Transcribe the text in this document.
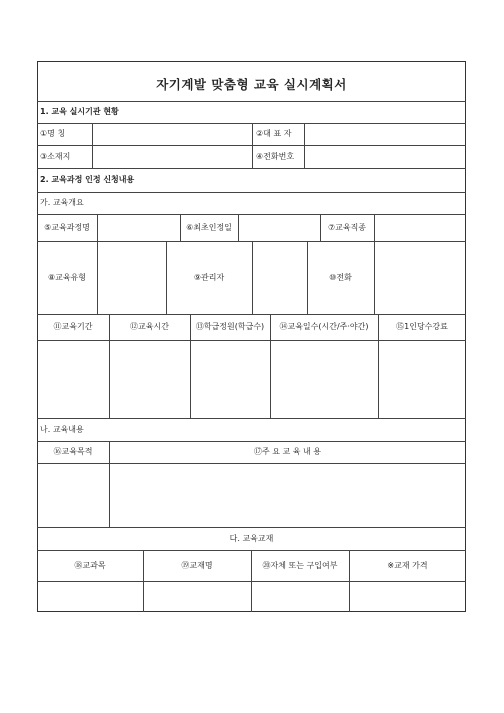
자기계발 맞춤형 교육 실시계획서
1. 교육 실시기관 현황
①명 칭	②대 표 자
③소재지	④전화번호
2. 교육과정 인정 신청내용
가. 교육개요
⑤교육과정명	⑥최초인정일	⑦교육직종
⑧교육유형	⑨관리자	⑩전화
⑪교육기간	⑫교육시간	⑬학급정원(학급수)	⑭교육일수(시간/주·야간)	⑮1인당수강료
나. 교육내용
⑯교육목적	⑰주 요 교 육 내 용
다. 교육교재
⑱교과목	⑲교재명	⑳자체 또는 구입여부	※교재 가격
